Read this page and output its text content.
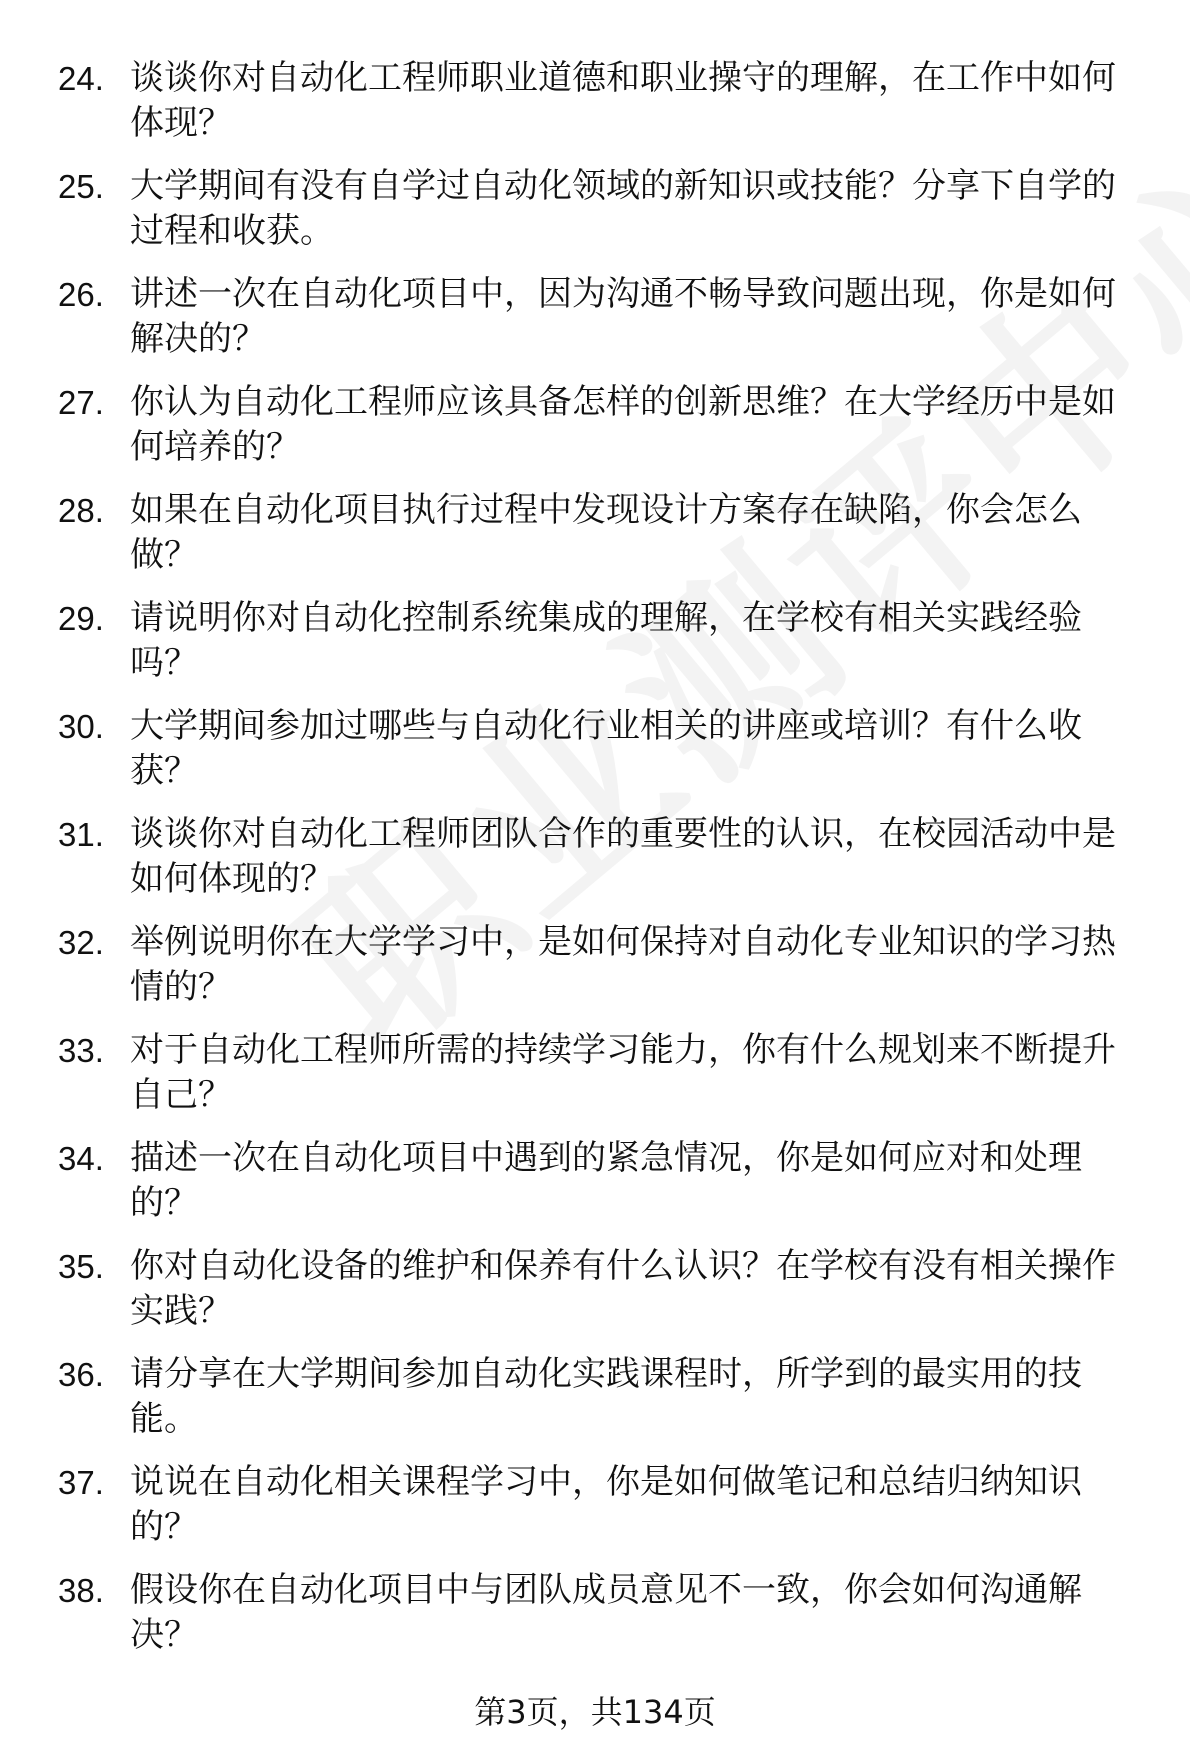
24. 谈谈你对自动化工程师职业道德和职业操守的理解，在工作中如何体现？
25. 大学期间有没有自学过自动化领域的新知识或技能？分享下自学的过程和收获。
26. 讲述一次在自动化项目中，因为沟通不畅导致问题出现，你是如何解决的？
27. 你认为自动化工程师应该具备怎样的创新思维？在大学经历中是如何培养的？
28. 如果在自动化项目执行过程中发现设计方案存在缺陷，你会怎么做？
29. 请说明你对自动化控制系统集成的理解，在学校有相关实践经验吗？
30. 大学期间参加过哪些与自动化行业相关的讲座或培训？有什么收获？
31. 谈谈你对自动化工程师团队合作的重要性的认识，在校园活动中是如何体现的？
32. 举例说明你在大学学习中，是如何保持对自动化专业知识的学习热情的？
33. 对于自动化工程师所需的持续学习能力，你有什么规划来不断提升自己？
34. 描述一次在自动化项目中遇到的紧急情况，你是如何应对和处理的？
35. 你对自动化设备的维护和保养有什么认识？在学校有没有相关操作实践？
36. 请分享在大学期间参加自动化实践课程时，所学到的最实用的技能。
37. 说说在自动化相关课程学习中，你是如何做笔记和总结归纳知识的？
38. 假设你在自动化项目中与团队成员意见不一致，你会如何沟通解决？
第3页，共134页
